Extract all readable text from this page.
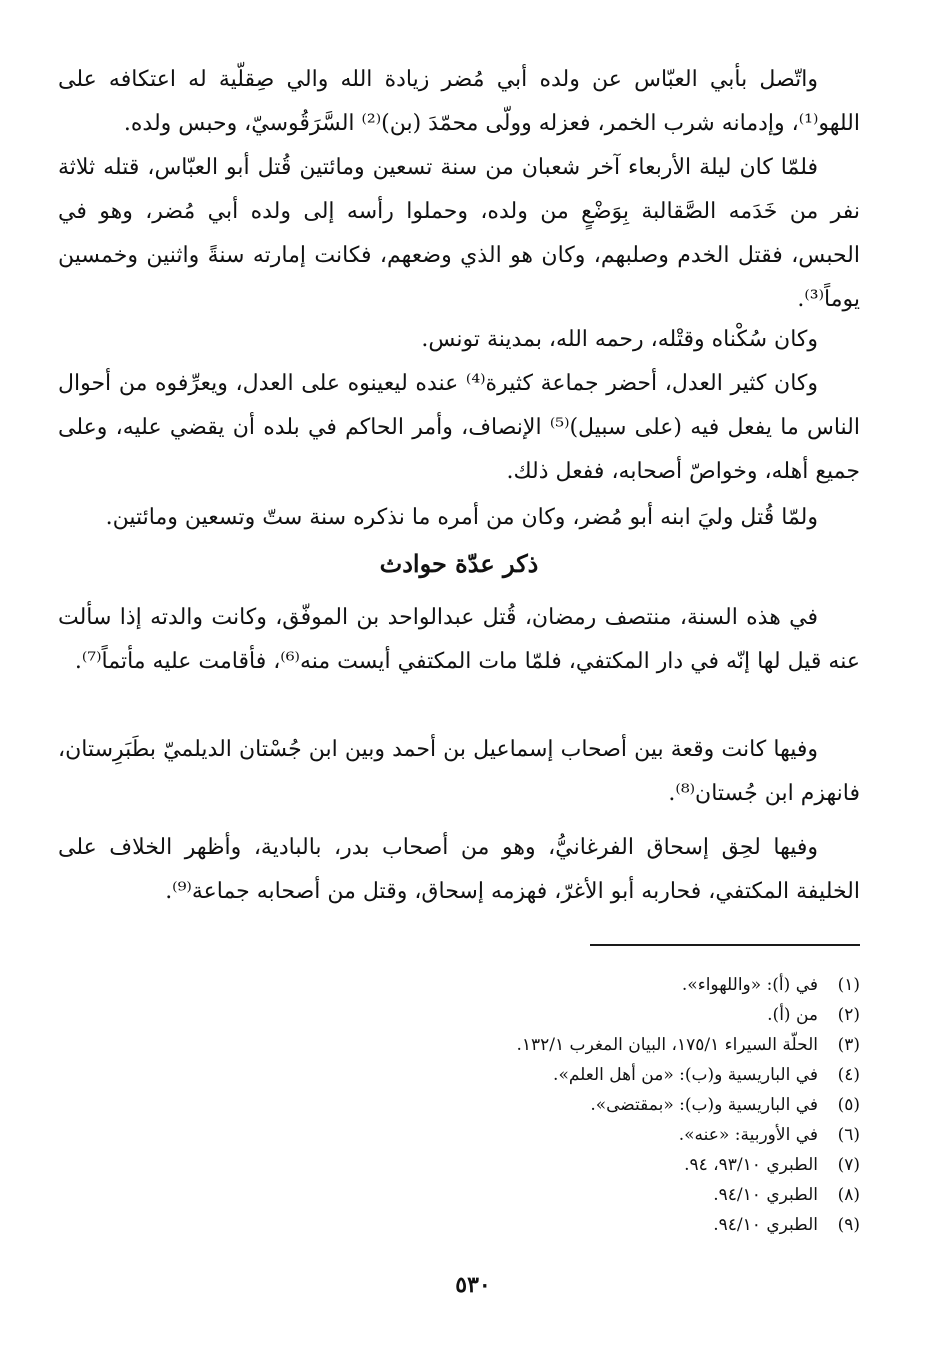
واتّصل بأبي العبّاس عن ولده أبي مُضر زيادة الله والي صِقلّية له اعتكافه على اللهو⁽¹⁾، وإدمانه شرب الخمر، فعزله وولّى محمّدَ (بن)⁽²⁾ السَّرَقُوسيّ، وحبس ولده.

فلمّا كان ليلة الأربعاء آخر شعبان من سنة تسعين ومائتين قُتل أبو العبّاس، قتله ثلاثة نفر من خَدَمه الصَّقالبة بِوَضْعٍ من ولده، وحملوا رأسه إلى ولده أبي مُضر، وهو في الحبس، فقتل الخدم وصلبهم، وكان هو الذي وضعهم، فكانت إمارته سنةً واثنين وخمسين يوماً⁽³⁾.

وكان سُكْناه وقتْله، رحمه الله، بمدينة تونس.

وكان كثير العدل، أحضر جماعة كثيرة⁽⁴⁾ عنده ليعينوه على العدل، ويعرِّفوه من أحوال الناس ما يفعل فيه (على سبيل)⁽⁵⁾ الإنصاف، وأمر الحاكم في بلده أن يقضي عليه، وعلى جميع أهله، وخواصّ أصحابه، ففعل ذلك.

ولمّا قُتل وليَ ابنه أبو مُضر، وكان من أمره ما نذكره سنة ستّ وتسعين ومائتين.

ذكر عدّة حوادث

في هذه السنة، منتصف رمضان، قُتل عبدالواحد بن الموفّق، وكانت والدته إذا سألت عنه قيل لها إنّه في دار المكتفي، فلمّا مات المكتفي أيست منه⁽⁶⁾، فأقامت عليه مأتماً⁽⁷⁾.

وفيها كانت وقعة بين أصحاب إسماعيل بن أحمد وبين ابن جُسْتان الديلميّ بطَبَرِستان، فانهزم ابن جُستان⁽⁸⁾.

وفيها لحِق إسحاق الفرغانيُّ، وهو من أصحاب بدر، بالبادية، وأظهر الخلاف على الخليفة المكتفي، فحاربه أبو الأغرّ، فهزمه إسحاق، وقتل من أصحابه جماعة⁽⁹⁾.

(١)
في (أ): «واللهواء».
(٢)
من (أ).
(٣)
الحلّة السيراء ١٧٥/١، البيان المغرب ١٣٢/١.
(٤)
في الباريسية و(ب): «من أهل العلم».
(٥)
في الباريسية و(ب): «بمقتضى».
(٦)
في الأوربية: «عنه».
(٧)
الطبري ٩٣/١٠، ٩٤.
(٨)
الطبري ٩٤/١٠.
(٩)
الطبري ٩٤/١٠.
٥٣٠
